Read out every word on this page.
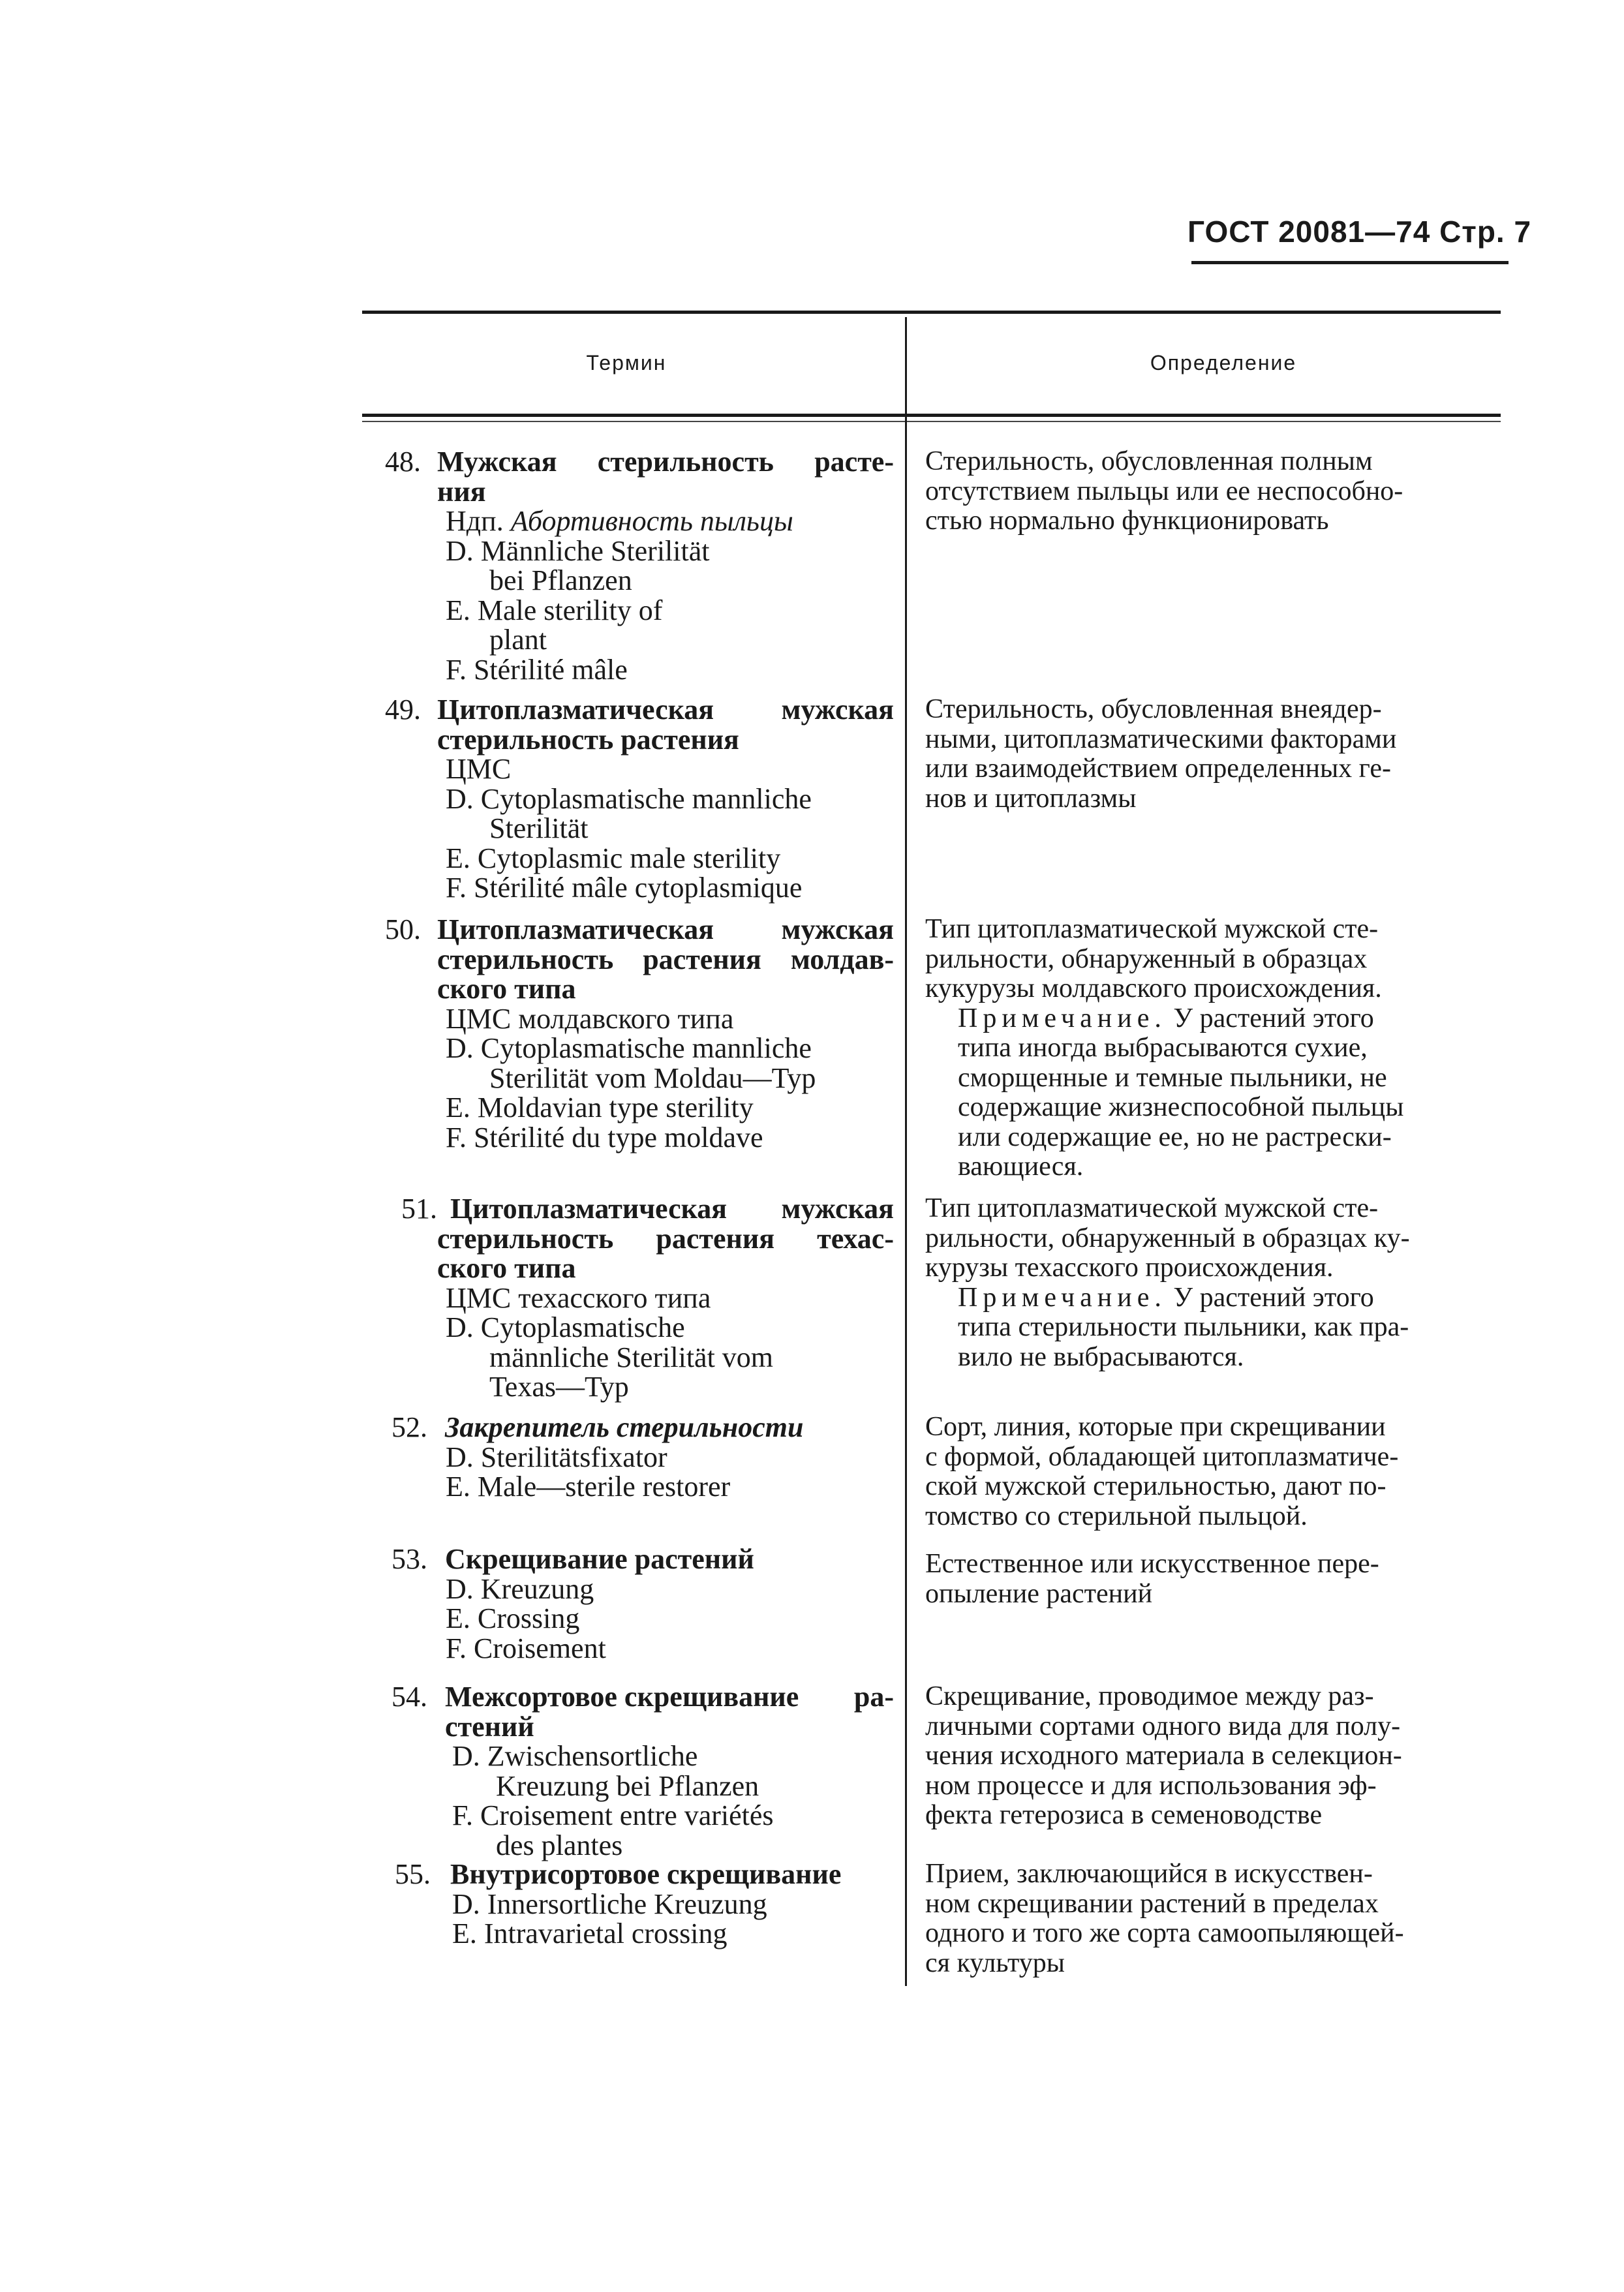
ГОСТ 20081—74 Стр. 7
Термин	Определение
48. Мужская стерильность расте-
ния
Ндп. Абортивность пыльцы
D. Männliche Sterilität
bei Pflanzen
E. Male sterility of
plant
F. Stérilité mâle
Стерильность, обусловленная полным
отсутствием пыльцы или ее неспособно-
стью нормально функционировать
49. Цитоплазматическая мужская
стерильность растения
ЦМС
D. Cytoplasmatische mannliche
Sterilität
E. Cytoplasmic male sterility
F. Stérilité mâle cytoplasmique
Стерильность, обусловленная внеядер-
ными, цитоплазматическими факторами
или взаимодействием определенных ге-
нов и цитоплазмы
50. Цитоплазматическая мужская
стерильность растения молдав-
ского типа
ЦМС молдавского типа
D. Cytoplasmatische mannliche
Sterilität vom Moldau—Typ
E. Moldavian type sterility
F. Stérilité du type moldave
Тип цитоплазматической мужской сте-
рильности, обнаруженный в образцах
кукурузы молдавского происхождения.
Примечание. У растений этого
типа иногда выбрасываются сухие,
сморщенные и темные пыльники, не
содержащие жизнеспособной пыльцы
или содержащие ее, но не растрески-
вающиеся.
51. Цитоплазматическая мужская
стерильность растения техас-
ского типа
ЦМС техасского типа
D. Cytoplasmatische
männliche Sterilität vom
Texas—Typ
Тип цитоплазматической мужской сте-
рильности, обнаруженный в образцах ку-
курузы техасского происхождения.
Примечание. У растений этого
типа стерильности пыльники, как пра-
вило не выбрасываются.
52. Закрепитель стерильности
D. Sterilitätsfixator
E. Male—sterile restorer
Сорт, линия, которые при скрещивании
с формой, обладающей цитоплазматиче-
ской мужской стерильностью, дают по-
томство со стерильной пыльцой.
53. Скрещивание растений
D. Kreuzung
E. Crossing
F. Croisement
Естественное или искусственное пере-
опыление растений
54. Межсортовое скрещивание ра-
стений
D. Zwischensortliche
Kreuzung bei Pflanzen
F. Croisement entre variétés
des plantes
Скрещивание, проводимое между раз-
личными сортами одного вида для полу-
чения исходного материала в селекцион-
ном процессе и для использования эф-
фекта гетерозиса в семеноводстве
55. Внутрисортовое скрещивание
D. Innersortliche Kreuzung
E. Intravarietal crossing
Прием, заключающийся в искусствен-
ном скрещивании растений в пределах
одного и того же сорта самоопыляющей-
ся культуры
